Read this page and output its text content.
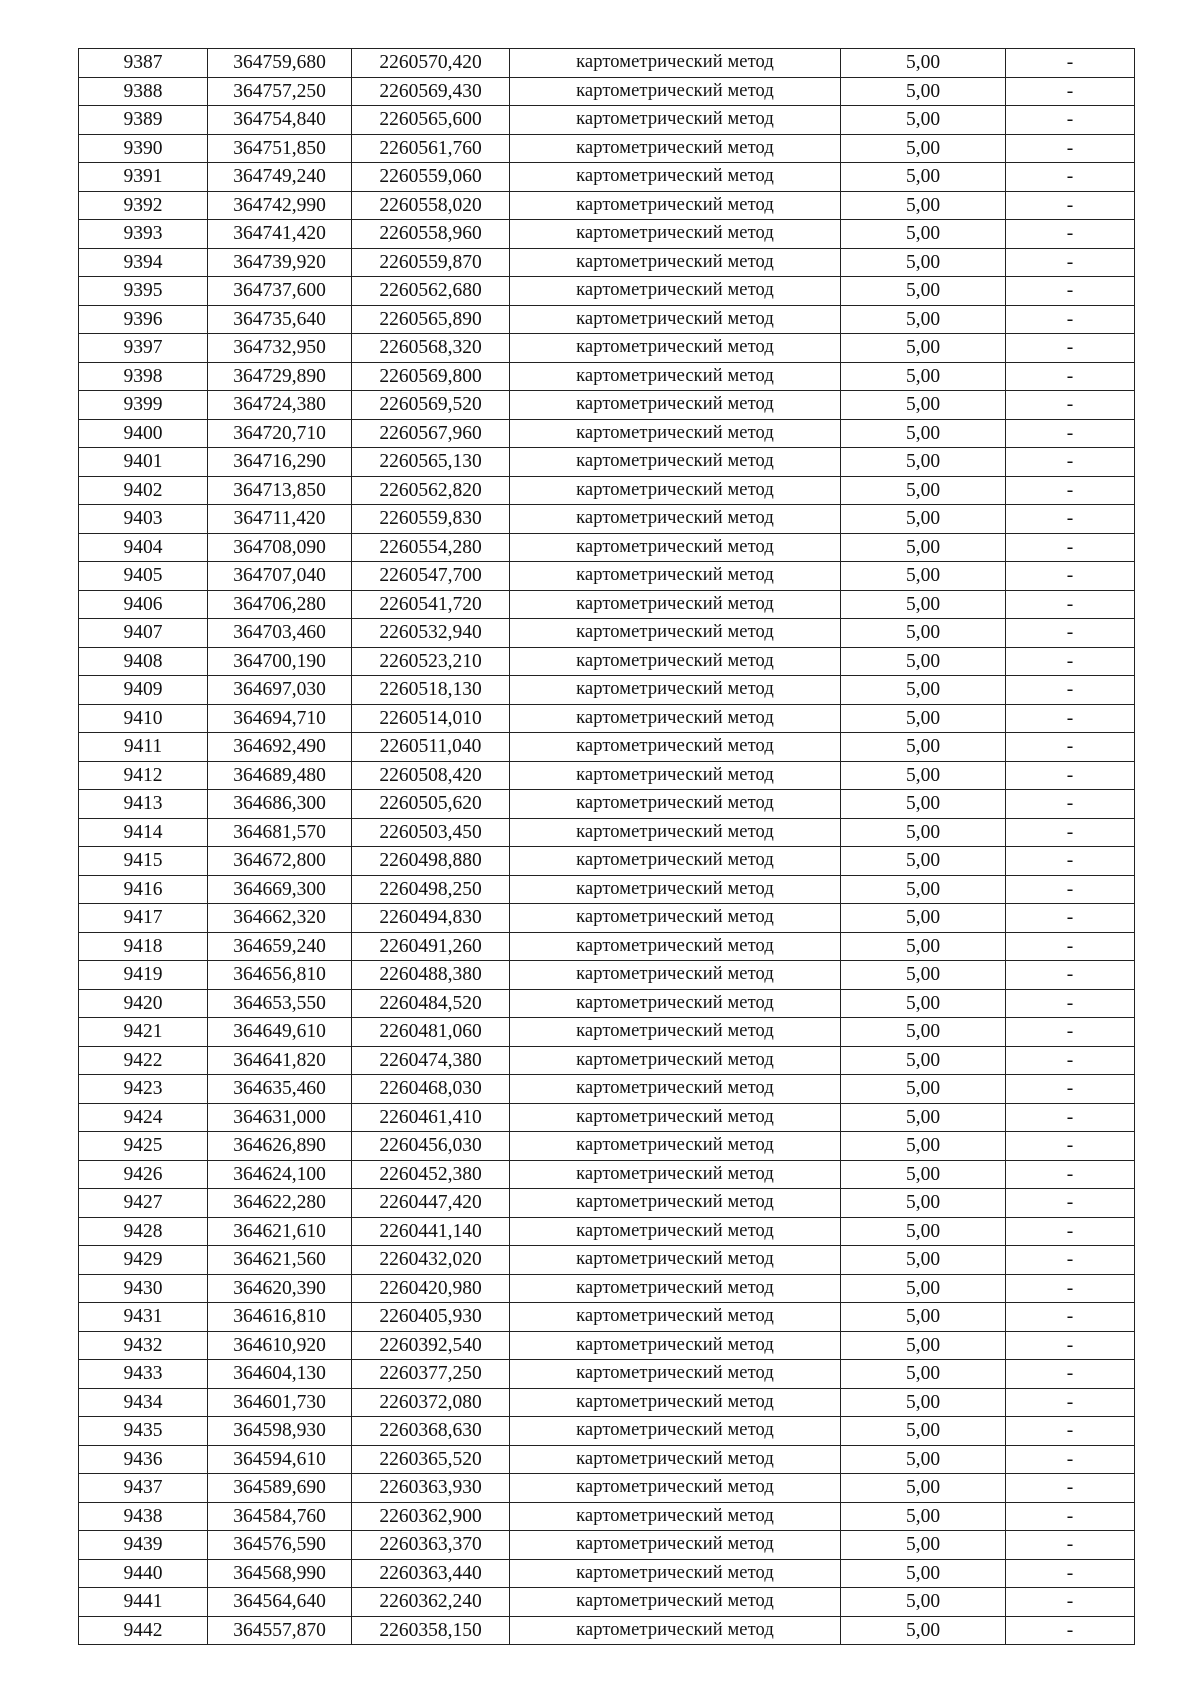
9387	364759,680	2260570,420	картометрический метод	5,00	-
9388	364757,250	2260569,430	картометрический метод	5,00	-
9389	364754,840	2260565,600	картометрический метод	5,00	-
9390	364751,850	2260561,760	картометрический метод	5,00	-
9391	364749,240	2260559,060	картометрический метод	5,00	-
9392	364742,990	2260558,020	картометрический метод	5,00	-
9393	364741,420	2260558,960	картометрический метод	5,00	-
9394	364739,920	2260559,870	картометрический метод	5,00	-
9395	364737,600	2260562,680	картометрический метод	5,00	-
9396	364735,640	2260565,890	картометрический метод	5,00	-
9397	364732,950	2260568,320	картометрический метод	5,00	-
9398	364729,890	2260569,800	картометрический метод	5,00	-
9399	364724,380	2260569,520	картометрический метод	5,00	-
9400	364720,710	2260567,960	картометрический метод	5,00	-
9401	364716,290	2260565,130	картометрический метод	5,00	-
9402	364713,850	2260562,820	картометрический метод	5,00	-
9403	364711,420	2260559,830	картометрический метод	5,00	-
9404	364708,090	2260554,280	картометрический метод	5,00	-
9405	364707,040	2260547,700	картометрический метод	5,00	-
9406	364706,280	2260541,720	картометрический метод	5,00	-
9407	364703,460	2260532,940	картометрический метод	5,00	-
9408	364700,190	2260523,210	картометрический метод	5,00	-
9409	364697,030	2260518,130	картометрический метод	5,00	-
9410	364694,710	2260514,010	картометрический метод	5,00	-
9411	364692,490	2260511,040	картометрический метод	5,00	-
9412	364689,480	2260508,420	картометрический метод	5,00	-
9413	364686,300	2260505,620	картометрический метод	5,00	-
9414	364681,570	2260503,450	картометрический метод	5,00	-
9415	364672,800	2260498,880	картометрический метод	5,00	-
9416	364669,300	2260498,250	картометрический метод	5,00	-
9417	364662,320	2260494,830	картометрический метод	5,00	-
9418	364659,240	2260491,260	картометрический метод	5,00	-
9419	364656,810	2260488,380	картометрический метод	5,00	-
9420	364653,550	2260484,520	картометрический метод	5,00	-
9421	364649,610	2260481,060	картометрический метод	5,00	-
9422	364641,820	2260474,380	картометрический метод	5,00	-
9423	364635,460	2260468,030	картометрический метод	5,00	-
9424	364631,000	2260461,410	картометрический метод	5,00	-
9425	364626,890	2260456,030	картометрический метод	5,00	-
9426	364624,100	2260452,380	картометрический метод	5,00	-
9427	364622,280	2260447,420	картометрический метод	5,00	-
9428	364621,610	2260441,140	картометрический метод	5,00	-
9429	364621,560	2260432,020	картометрический метод	5,00	-
9430	364620,390	2260420,980	картометрический метод	5,00	-
9431	364616,810	2260405,930	картометрический метод	5,00	-
9432	364610,920	2260392,540	картометрический метод	5,00	-
9433	364604,130	2260377,250	картометрический метод	5,00	-
9434	364601,730	2260372,080	картометрический метод	5,00	-
9435	364598,930	2260368,630	картометрический метод	5,00	-
9436	364594,610	2260365,520	картометрический метод	5,00	-
9437	364589,690	2260363,930	картометрический метод	5,00	-
9438	364584,760	2260362,900	картометрический метод	5,00	-
9439	364576,590	2260363,370	картометрический метод	5,00	-
9440	364568,990	2260363,440	картометрический метод	5,00	-
9441	364564,640	2260362,240	картометрический метод	5,00	-
9442	364557,870	2260358,150	картометрический метод	5,00	-
